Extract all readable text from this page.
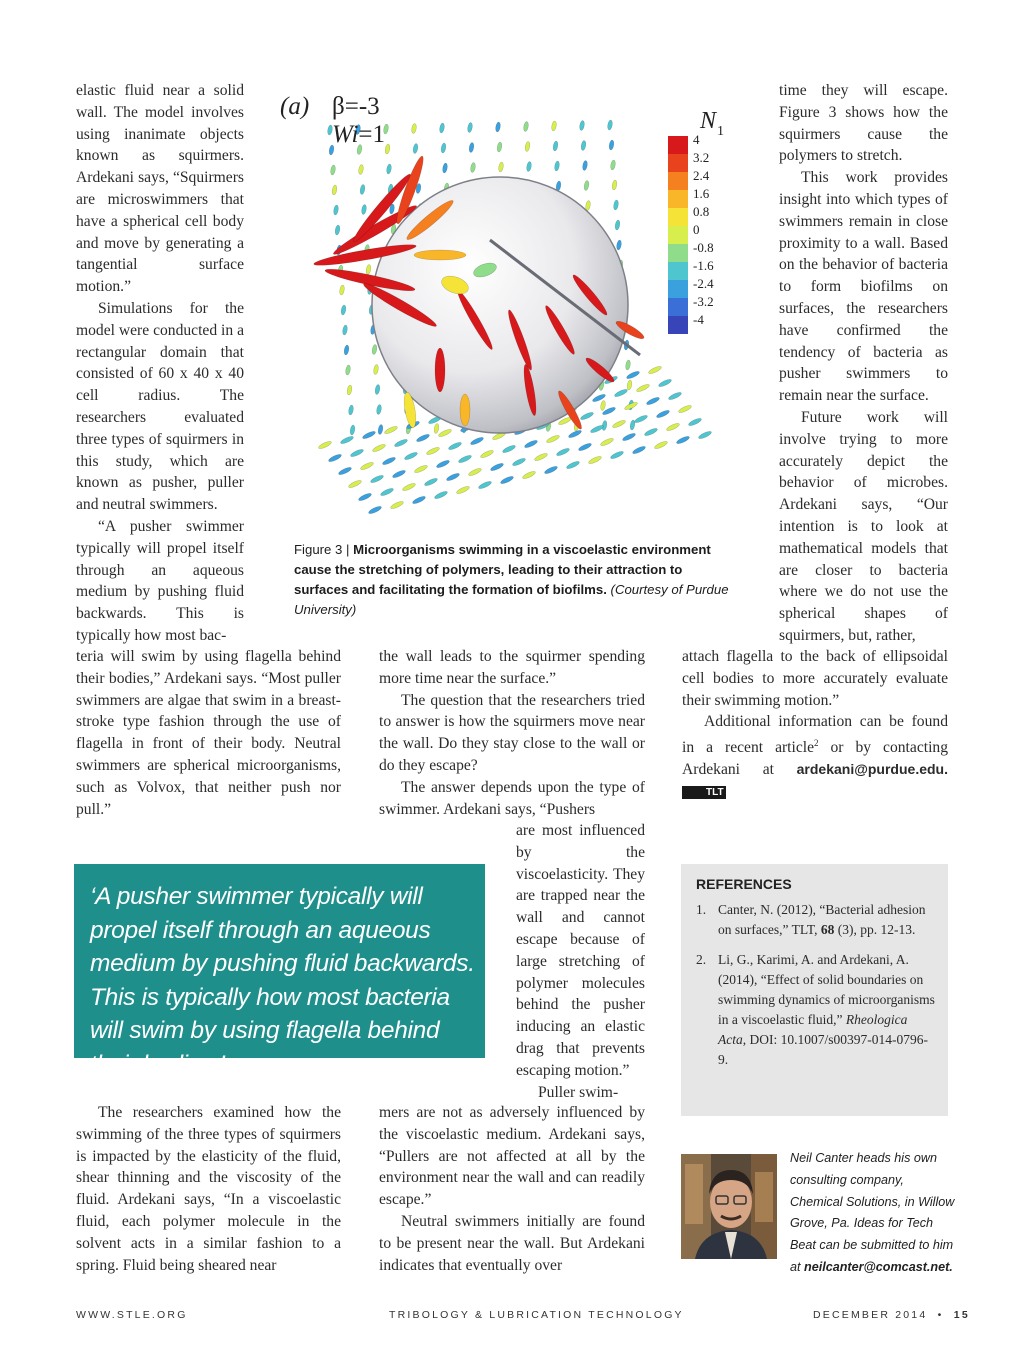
elastic fluid near a solid wall. The model involves using inanimate objects known as squirmers. Ardekani says, “Squirmers are microswimmers that have a spherical cell body and move by generating a tangential surface motion.”

Simulations for the model were conducted in a rectangular domain that consisted of 60 x 40 x 40 cell radius. The researchers evaluated three types of squirmers in this study, which are known as pusher, puller and neutral swimmers.

“A pusher swimmer typically will propel itself through an aqueous medium by pushing fluid backwards. This is typically how most bac-

teria will swim by using flagella behind their bodies,” Ardekani says. “Most puller swimmers are algae that swim in a breast-stroke type fashion through the use of flagella in front of their body. Neutral swimmers are spherical microorganisms, such as Volvox, that neither push nor pull.”

The researchers examined how the swimming of the three types of squirmers is impacted by the elasticity of the fluid, shear thinning and the viscosity of the fluid. Ardekani says, “In a viscoelastic fluid, each polymer molecule in the solvent acts in a similar fashion to a spring. Fluid being sheared near

the wall leads to the squirmer spending more time near the surface.”

The question that the researchers tried to answer is how the squirmers move near the wall. Do they stay close to the wall or do they escape?

The answer depends upon the type of swimmer. Ardekani says, “Pushers

are most influenced by the viscoelasticity. They are trapped near the wall and cannot escape because of large stretching of polymer molecules behind the pusher inducing an elastic drag that prevents escaping motion.”

Puller swim-

mers are not as adversely influenced by the viscoelastic medium. Ardekani says, “Pullers are not affected at all by the environment near the wall and can readily escape.”

Neutral swimmers initially are found to be present near the wall. But Ardekani indicates that eventually over

time they will escape. Figure 3 shows how the squirmers cause the polymers to stretch.

This work provides insight into which types of swimmers remain in close proximity to a wall. Based on the behavior of bacteria to form biofilms on surfaces, the researchers have confirmed the tendency of bacteria as pusher swimmers to remain near the surface.

Future work will involve trying to more accurately depict the behavior of microbes. Ardekani says, “Our intention is to look at mathematical models that are closer to bacteria where we do not use the spherical shapes of squirmers, but, rather,

attach flagella to the back of ellipsoidal cell bodies to more accurately evaluate their swimming motion.”

Additional information can be found in a recent article$^2$ or by contacting Ardekani at ardekani@purdue.edu. TLT

(a) β=-3
Wi=1	N 1
4
3.2
2.4
1.6
0.8
0
-0.8
-1.6
-2.4
-3.2
-4
Figure 3 | Microorganisms swimming in a viscoelastic environment cause the stretching of polymers, leading to their attraction to surfaces and facilitating the formation of biofilms. (Courtesy of Purdue University)
‘A pusher swimmer typically will propel itself through an aqueous medium by pushing fluid backwards. This is typically how most bacteria will swim by using flagella behind their bodies.’
REFERENCES
1. Canter, N. (2012), “Bacterial adhesion on surfaces,” TLT, 68 (3), pp. 12-13.
2. Li, G., Karimi, A. and Ardekani, A. (2014), “Effect of solid boundaries on swimming dynamics of microorganisms in a viscoelastic fluid,” Rheologica Acta, DOI: 10.1007/s00397-014-0796-9.
Neil Canter heads his own consulting company, Chemical Solutions, in Willow Grove, Pa. Ideas for Tech Beat can be submitted to him at neilcanter@comcast.net.
WWW.STLE.ORG	TRIBOLOGY & LUBRICATION TECHNOLOGY	DECEMBER 2014 • 15
